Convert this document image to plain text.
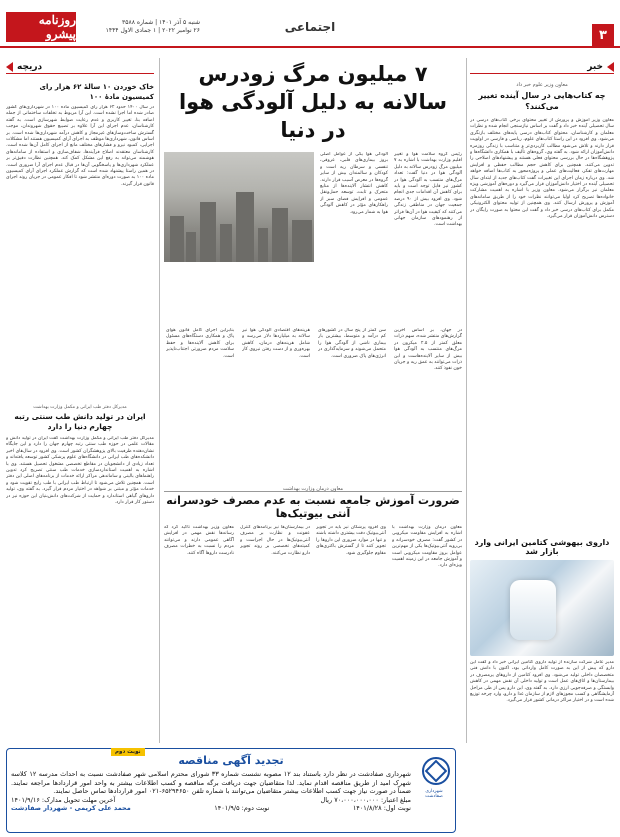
۳
اجتماعی
شنبه ۵ آذر ۱۴۰۱ | شماره ۳۵۸۸
۲۶ نوامبر ۲۰۲۲ | ۱ جمادی الاول ۱۴۴۴
روزنامه پیشرو
خبر
معاون وزیر علوم خبر داد
چه کتاب‌هایی در سال آینده تغییر می‌کنند؟
معاون وزیر آموزش و پرورش از تغییر محتوای برخی کتاب‌های درسی در سال تحصیلی آینده خبر داد و گفت بر اساس نیازسنجی انجام شده و نظرات معلمان و کارشناسان، محتوای کتاب‌های درسی پایه‌های مختلف بازنگری می‌شود. وی افزود در این راستا کتاب‌های علوم، ریاضی و فارسی در اولویت قرار دارند و تلاش می‌شود مطالب کاربردی‌تر و متناسب با زندگی روزمره دانش‌آموزان ارائه شود. به گفته وی، گروه‌های تألیف با همکاری دانشگاه‌ها و پژوهشگاه‌ها در حال بررسی محتوای فعلی هستند و پیشنهادهای اصلاحی را تدوین می‌کنند. همچنین برای کاهش حجم مطالب حفظی و افزایش مهارت‌های تفکر، فعالیت‌های عملی و پروژه‌محور به کتاب‌ها اضافه خواهد شد. وی درباره زمان اجرای این تغییرات گفت کتاب‌های جدید از ابتدای سال تحصیلی آینده در اختیار دانش‌آموزان قرار می‌گیرد و دوره‌های آموزشی ویژه معلمان نیز برگزار می‌شود. معاون وزیر با اشاره به اهمیت مشارکت خانواده‌ها تصریح کرد اولیا می‌توانند نظرات خود را از طریق سامانه‌های آموزش و پرورش ارسال کنند. وی همچنین از تولید محتوای الکترونیکی مکمل برای کتاب‌های درسی خبر داد و گفت این محتوا به صورت رایگان در دسترس دانش‌آموزان قرار می‌گیرد.
داروی بیهوشی کتامین ایرانی وارد بازار شد
مدیر عامل شرکت سازنده از تولید داروی کتامین ایرانی خبر داد و گفت این دارو که پیش از این به صورت کامل وارداتی بود، اکنون با دانش فنی متخصصان داخلی تولید می‌شود. وی افزود کتامین از داروهای پرمصرف در بیمارستان‌ها و اتاق‌های عمل است و تولید داخلی آن نقش مهمی در کاهش وابستگی و صرفه‌جویی ارزی دارد. به گفته وی، این دارو پس از طی مراحل آزمایشگاهی و کسب مجوزهای لازم از سازمان غذا و دارو، وارد چرخه توزیع شده است و در اختیار مراکز درمانی کشور قرار می‌گیرد.
۷ میلیون مرگ زودرس سالانه به دلیل آلودگی هوا در دنیا
رئیس گروه سلامت هوا و تغییر اقلیم وزارت بهداشت با اشاره به ۷ میلیون مرگ زودرس سالانه به دلیل آلودگی هوا در دنیا گفت: تعداد مرگ‌های منتسب به آلودگی هوا در کشور نیز قابل توجه است و باید برای کاهش آن اقدامات جدی انجام شود. وی افزود بیش از ۹۰ درصد جمعیت جهان در مناطقی زندگی می‌کنند که کیفیت هوا در آن‌ها فراتر از رهنمودهای سازمان جهانی بهداشت است.
آلودگی هوا یکی از عوامل اصلی بروز بیماری‌های قلبی، عروقی، تنفسی و سرطان ریه است و کودکان و سالمندان بیش از سایر گروه‌ها در معرض آسیب قرار دارند. کاهش انتشار آلاینده‌ها از منابع متحرک و ثابت، توسعه حمل‌ونقل عمومی و افزایش فضای سبز از راهکارهای مؤثر در کاهش آلودگی هوا به شمار می‌رود.
در جهان، بر اساس آخرین گزارش‌های منتشر شده، سهم ذرات معلق کمتر از ۲.۵ میکرون در مرگ‌های منتسب به آلودگی هوا بیش از سایر آلاینده‌هاست و این ذرات می‌توانند به عمق ریه و جریان خون نفوذ کنند.
سن کمتر از پنج سال در کشورهای کم درآمد و متوسط، بیشترین بار بیماری ناشی از آلودگی هوا را متحمل می‌شوند و سرمایه‌گذاری در انرژی‌های پاک ضروری است.
هزینه‌های اقتصادی آلودگی هوا نیز سالانه به میلیاردها دلار می‌رسد و شامل هزینه‌های درمان، کاهش بهره‌وری و از دست رفتن نیروی کار است.
بنابراین اجرای کامل قانون هوای پاک و همکاری دستگاه‌های مسئول برای کاهش آلاینده‌ها و حفظ سلامت مردم ضرورتی اجتناب‌ناپذیر است.
معاون درمان وزارت بهداشت
ضرورت آموزش جامعه نسبت به عدم مصرف خودسرانه آنتی بیوتیک‌ها
معاون درمان وزارت بهداشت با اشاره به افزایش مقاومت میکروبی در کشور گفت: مصرف خودسرانه و بی‌رویه آنتی‌بیوتیک‌ها یکی از مهم‌ترین عوامل بروز مقاومت میکروبی است و آموزش جامعه در این زمینه اهمیت ویژه‌ای دارد.
وی افزود پزشکان نیز باید در تجویز آنتی‌بیوتیک دقت بیشتری داشته باشند و تنها در موارد ضروری این داروها را تجویز کنند تا از گسترش باکتری‌های مقاوم جلوگیری شود.
در بیمارستان‌ها نیز برنامه‌های کنترل عفونت و نظارت بر مصرف آنتی‌بیوتیک‌ها در حال اجراست و کمیته‌های تخصصی بر روند تجویز دارو نظارت می‌کنند.
معاون وزیر بهداشت تأکید کرد که رسانه‌ها نقش مهمی در افزایش آگاهی عمومی دارند و می‌توانند مردم را نسبت به خطرات مصرف نادرست داروها آگاه کنند.
دریچه
خاک خوردن ۱۰ سالهٔ ۶۲ هزار رای کمیسیون مادهٔ ۱۰۰
در سال ۱۴۰۰ حدود ۶۲ هزار رای کمیسیون ماده ۱۰۰ در شهرداری‌های کشور صادر شده اما اجرا نشده است. این آرا مربوط به تخلفات ساختمانی از جمله اضافه بنا، تغییر کاربری و عدم رعایت ضوابط شهرسازی است. به گفته کارشناسان، عدم اجرای این آرا علاوه بر تضییع حقوق شهروندان، موجب گسترش ساخت‌وسازهای غیرمجاز و کاهش درآمد شهرداری‌ها شده است. بر اساس قانون، شهرداری‌ها موظف به اجرای آرای کمیسیون هستند اما مشکلات اجرایی، کمبود نیرو و فشارهای مختلف مانع از اجرای کامل آن‌ها شده است. کارشناسان معتقدند اصلاح فرآیندها، شفاف‌سازی و استفاده از سامانه‌های هوشمند می‌تواند به رفع این مشکل کمک کند. همچنین نظارت دقیق‌تر بر عملکرد شهرداری‌ها و پاسخگویی آن‌ها در قبال عدم اجرای آرا ضروری است. در همین راستا پیشنهاد شده است که گزارش عملکرد اجرای آرای کمیسیون ماده ۱۰۰ به صورت دوره‌ای منتشر شود تا افکار عمومی در جریان روند اجرای قانون قرار گیرند.
مدیرکل دفتر طب ایرانی و مکمل وزارت بهداشت
ایران در تولید دانش طب سنتی رتبه چهارم دنیا را دارد
مدیرکل دفتر طب ایرانی و مکمل وزارت بهداشت گفت ایران در تولید دانش و مقالات علمی در حوزه طب سنتی رتبه چهارم جهان را دارد و این جایگاه نشان‌دهنده ظرفیت بالای پژوهشگران کشور است. وی افزود در سال‌های اخیر دانشکده‌های طب ایرانی در دانشگاه‌های علوم پزشکی کشور توسعه یافته‌اند و تعداد زیادی از دانشجویان در مقاطع تخصصی مشغول تحصیل هستند. وی با اشاره به اهمیت استانداردسازی خدمات طب سنتی تصریح کرد تدوین راهنماهای بالینی و ساماندهی مراکز ارائه خدمات از برنامه‌های اصلی این دفتر است. همچنین تلاش می‌شود تا ارتباط طب ایرانی با طب رایج تقویت شود و خدمات مؤثر و مبتنی بر شواهد در اختیار مردم قرار گیرد. به گفته وی، تولید داروهای گیاهی استاندارد و حمایت از شرکت‌های دانش‌بنیان این حوزه نیز در دستور کار قرار دارد.
نوبت دوم
شهرداری صفادشت
تجدید آگهی مناقصه
شهرداری صفادشت در نظر دارد باستناد بند ۱۲ مصوبه نشست شماره ۳۳ شورای محترم اسلامی شهر صفادشت نسبت به احداث مدرسه ۱۲ کلاسه شهرک امید از طریق مناقصه اقدام نماید. لذا متقاضیان جهت دریافت برگه مناقصه و کسب اطلاعات بیشتر به واحد امور قراردادها مراجعه نمایند. ضمناً در صورت نیاز جهت کسب اطلاعات بیشتر متقاضیان می‌توانند با شماره تلفن ۶۵۲۹۴۶۵۰-۰۲۱ امور قراردادها تماس حاصل نمایند.
مبلغ اعتبار: ۷۰،۰۰۰،۰۰۰،۰۰۰ ریال
آخرین مهلت تحویل مدارک: ۱۴۰۱/۹/۱۶
نوبت اول: ۱۴۰۱/۸/۲۸
نوبت دوم: ۱۴۰۱/۹/۵
محمد علی کریمی - شهردار صفادشت
